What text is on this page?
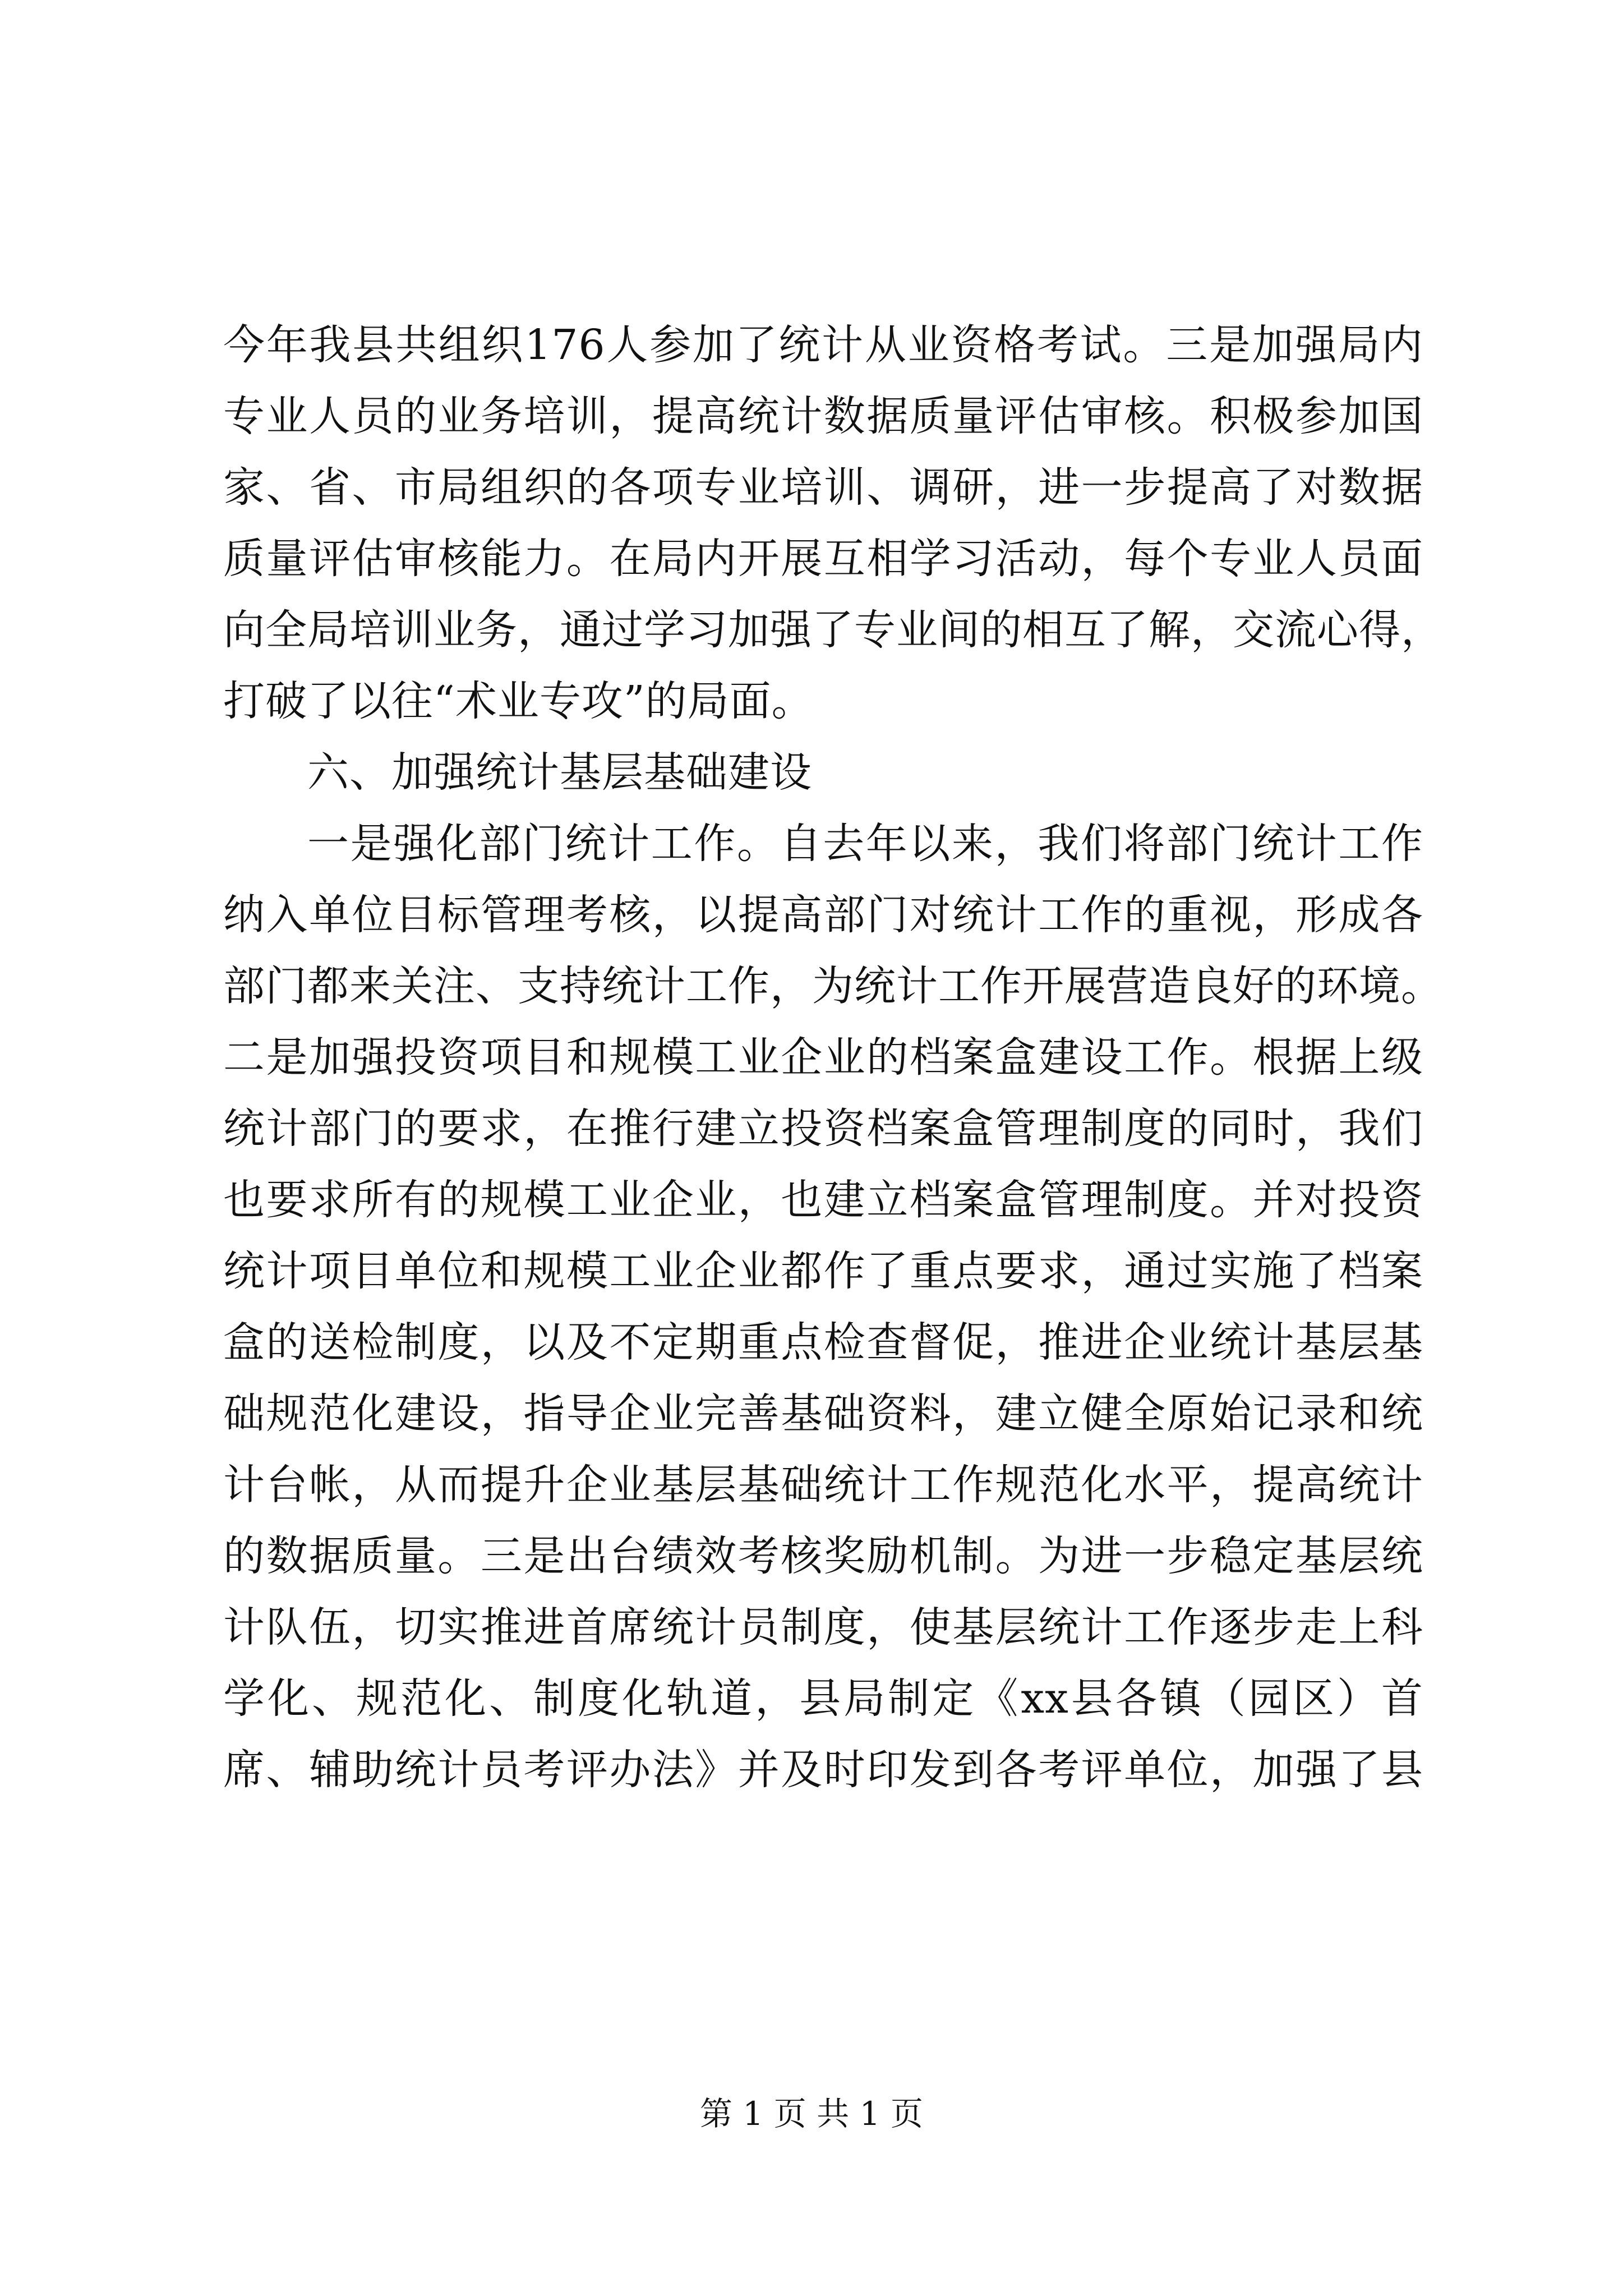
今年我县共组织176人参加了统计从业资格考试。三是加强局内
专业人员的业务培训，提高统计数据质量评估审核。积极参加国
家、省、市局组织的各项专业培训、调研，进一步提高了对数据
质量评估审核能力。在局内开展互相学习活动，每个专业人员面
向全局培训业务，通过学习加强了专业间的相互了解，交流心得，
打破了以往“术业专攻”的局面。
六、加强统计基层基础建设
一是强化部门统计工作。自去年以来，我们将部门统计工作
纳入单位目标管理考核，以提高部门对统计工作的重视，形成各
部门都来关注、支持统计工作，为统计工作开展营造良好的环境。
二是加强投资项目和规模工业企业的档案盒建设工作。根据上级
统计部门的要求，在推行建立投资档案盒管理制度的同时，我们
也要求所有的规模工业企业，也建立档案盒管理制度。并对投资
统计项目单位和规模工业企业都作了重点要求，通过实施了档案
盒的送检制度，以及不定期重点检查督促，推进企业统计基层基
础规范化建设，指导企业完善基础资料，建立健全原始记录和统
计台帐，从而提升企业基层基础统计工作规范化水平，提高统计
的数据质量。三是出台绩效考核奖励机制。为进一步稳定基层统
计队伍，切实推进首席统计员制度，使基层统计工作逐步走上科
学化、规范化、制度化轨道，县局制定《xx县各镇（园区）首
席、辅助统计员考评办法》并及时印发到各考评单位，加强了县
第 1 页 共 1 页
